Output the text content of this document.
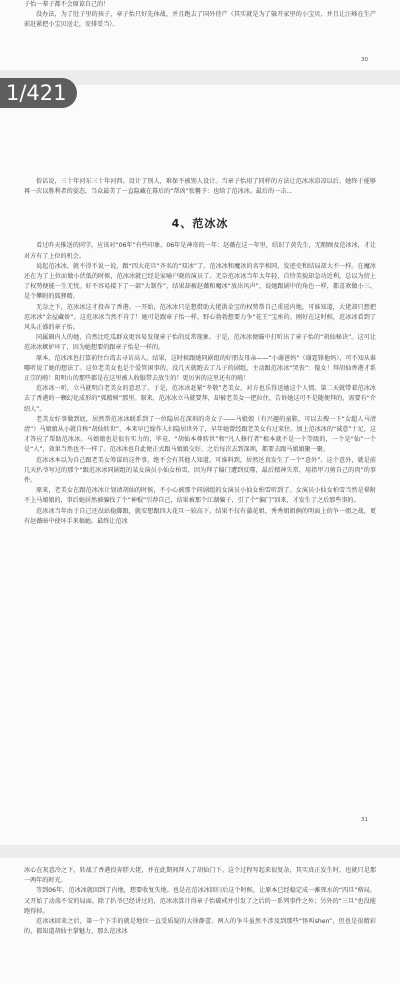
子怡一辈子都不会原谅自己的！

没办法，为了肚子里的孩子，章子怡只好先休战，并且跑去了国外待产（其实就是为了躲开家里的小宝贝，并且让汪峰在生产前赶紧把小宝贝送走，安排妥当）。

30

俗话说，三十年河东三十年河西。设计了别人，难保不被别人设计。当章子怡用了同样的方法让范冰冰凉凉以后，她终于能够再一次以胜利者的姿态，当众最美了一直隐藏在幕后的“帮凶”张馨予：也给了范冰冰。最后的一击...

4、范冰冰

看过昨天推送的同学，应该对“06年”有些印象。06年是神奇的一年：赵薇在这一年里，结识了黄先生，无暇顾及范冰冰，才让对方有了上位的机会。

说起范冰冰，就不得不说一说，跟“四大花旦”齐名的“双冰”了。范冰冰和魔冰的名字相同，发迹史和结局却大不一样。在魔冰还在为了上位而做小伏低的时候，范冰冰就已经是家喻户晓的演员了。无奈范冰冰当年太年轻，自恃美貌却急功近利，总以为傍上了权势便能一生无忧。好不容易接下了一部“大制作”，结果却被赵薇和魔冰“放出风声”，说她跟剧中的角色一样，都喜欢做小三、是个攀附的狐狸精。

无奈之下，范冰冰这才投奔了香港。一开始，范冰冰只是想借助大佬洪金宝的权势帮自己重返内地，可谁知道，大佬却只想把范冰冰“金屋藏娇”。这范冰冰当然不肯了！她可是跟章子怡一样，野心勃勃想要力争“花王”宝座的。刚好在这时候，范冰冰看到了风头正盛的章子怡。

同属圈内人的她，自然比吃瓜群众更容易发现章子怡的反常现象。于是，范冰冰便瞄中打听出了章子怡的“胡仙秘诀”。这可让范冰冰嫉妒坏了，因为她想要的跟章子怡是一样的。

原本，范冰冰也打算前往台湾去寻访高人。结果，这时候跟她同剧组的好朋友母亲——“小谢爸妈”（谢霆锋他妈），可不知从谁哪听说了她的想法了。这位老美女也是个爱管闲事的，没几天就跑去了儿子的剧组，主动跟范冰冰“哭丧”：傻女！拜胡仙香港才系正宗的啦！阳明山的那些都是在这里被人收服带去放生的！更厉害的这里还有的啦！

范冰冰一听，立马就明白老美女的意思了。于是，范冰冰赶紧“孝敬”老美女，对方也乐得送她这个人情。第二天就带着范冰冰去了香港的一颗幻化成形的“狐精树”那里。原来，范冰冰立马就要拜，却被老美女一把拉住，告诉她这可不是随便拜的，需要有“介绍人”。

老美女好事做到底，居然帮范冰冰联系到了一位隐居在深圳的奇女子——马娘娘（有兴趣的童鞋，可以去搜一下“女超人马清清”）马娘娘从小就自称“胡仙转世”，本来早已嫁作人妇隐居世外了，早年她曾经跟老美女有过来往。加上范冰冰的“诚意”十足，这才答应了帮助范冰冰。马娘娘也是很有实力的，毕竟，“胡仙本尊转世”和“凡人修行者”根本就不是一个等级的，一个是“仙”一个是“人”，效果当然也不一样了。范冰冰也自此便正式跟马娘娘交好，之后每次去到深圳，都要去跟马娘娘聚一聚。

范冰冰本以为自己跟老美女筹谋的这件事，绝不会有其他人知道。可谁料到，居然还真发生了一个“意外”。这个意外，就是前几天扒爷写过的那个“跟范冰冰同剧组的某女演员小仙女柏雪，因为拜了偏门遭到反噬，最后精神失常、用指甲刀剪自己的肉”的事件。

原来，老美女在跟范冰冰计划请胡仙的时候，不小心被那个同剧组的女演员小仙女柏雪听到了。女演员小仙女柏雪当然是晕附不上马娘娘的，事后她居然被骗找了个“神棍”引荐自己，结果被那个江湖骗子，引了个“偏门”回来，才发生了之后那些事的。

范冰冰当年由于自己还没站稳脚跟，就安想跟四大花旦一较高下。结果不仅有蒲花姐、秀秀姐姐俩的明面上的争一姐之战，更有赵薇暗中使坏手来搞她。最终让范冰

31

冰心在灰意冷之下，转战了香港投奔胖大佬，并在此期间拜入了胡仙门下。这个过程写起来很复杂，其实真正发生时，也就只是那一两年的时光。

等到06年，范冰冰就回到了内地，想要收复失地。也是在范冰冰回归后这个时候，让原本已经稳定成一滩死水的“四旦”格局，又开始了动荡不安的局面。除了扒爷已经讲过的，范冰冰算计得章子怡破戒并引发了之后的一系列事件之外；另外的“三旦”也没能跑得掉。

范冰冰回来之后，第一个下手的就是地位一直受质疑的大徐静蕾。两人的争斗虽然不涉及到那些“怪叫shen”，但也是很精彩的，都知道胡仙主掌魅力，那么范冰冰

1/421
